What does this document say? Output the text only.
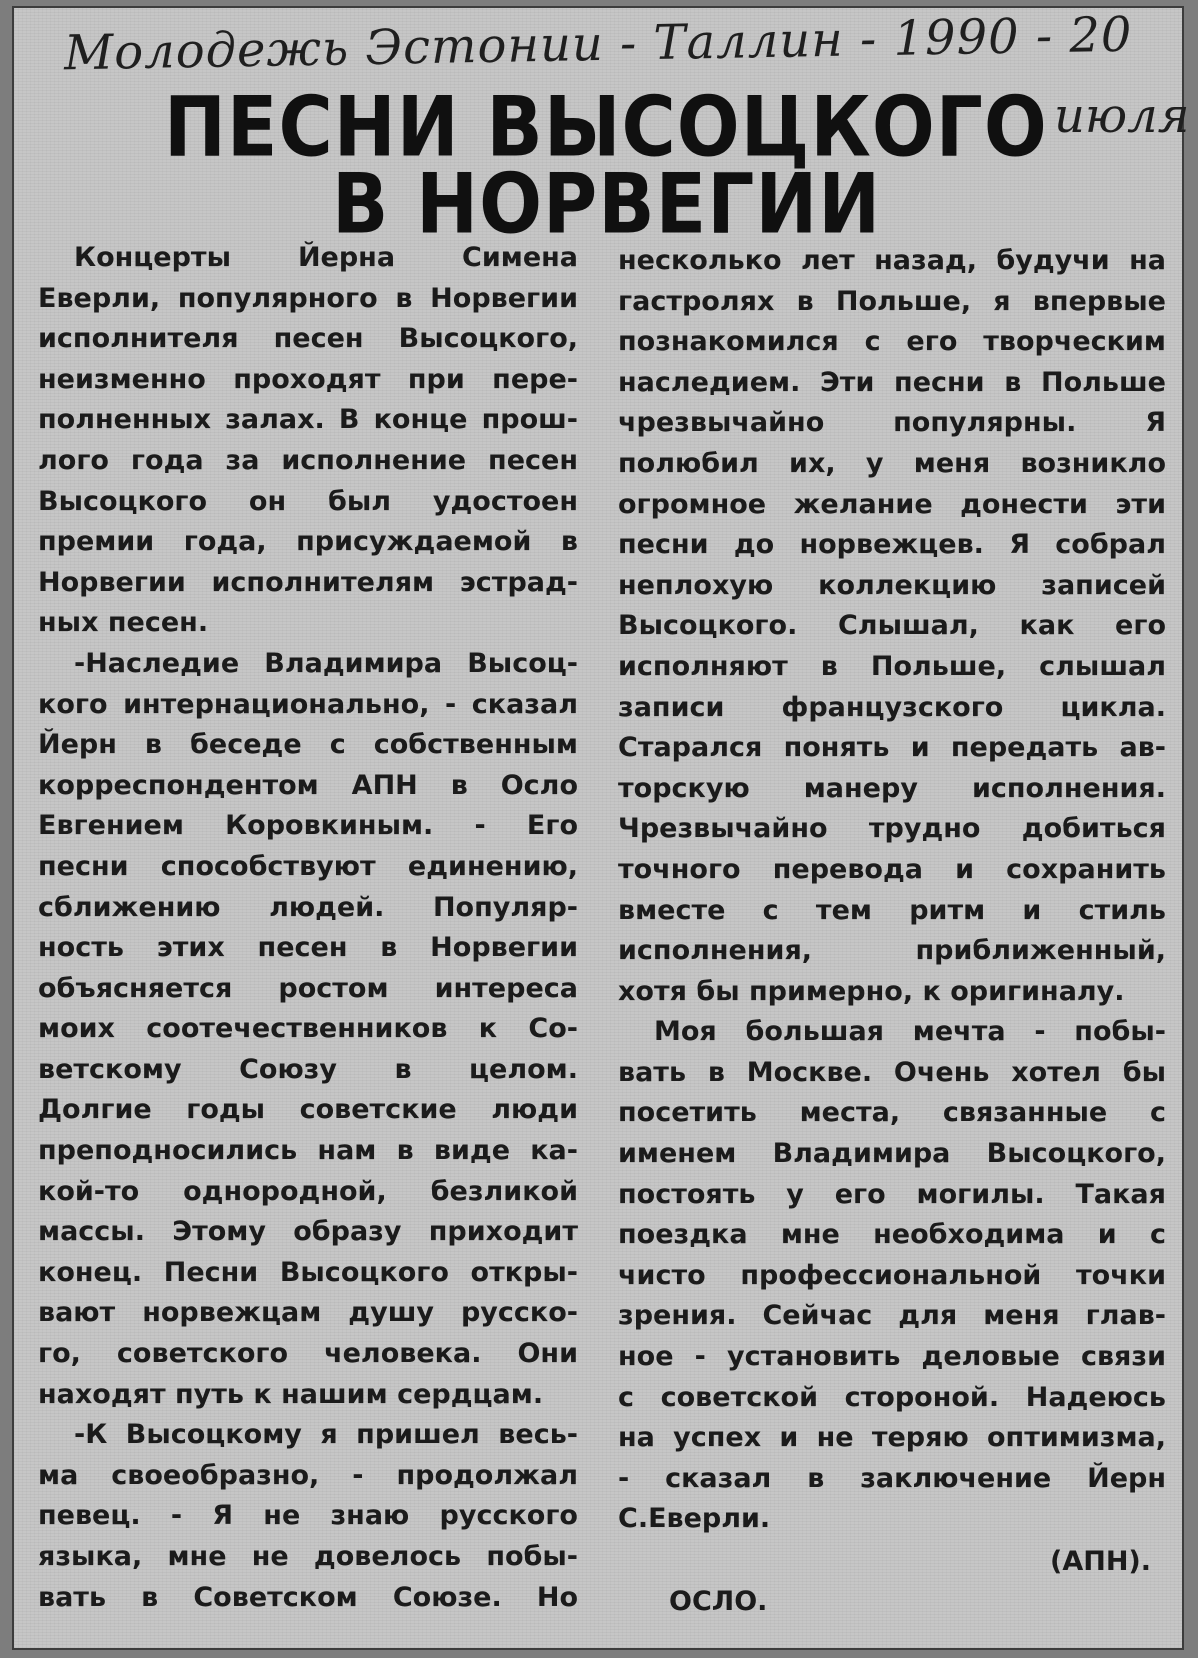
Молодежь Эстонии - Таллин - 1990 - 20
июля
ПЕСНИ ВЫСОЦКОГО
В НОРВЕГИИ
Концерты Йерна Симена
Еверли, популярного в Норвегии
исполнителя песен Высоцкого,
неизменно проходят при пере-
полненных залах. В конце прош-
лого года за исполнение песен
Высоцкого он был удостоен
премии года, присуждаемой в
Норвегии исполнителям эстрад-
ных песен.
-Наследие Владимира Высоц-
кого интернационально, - сказал
Йерн в беседе с собственным
корреспондентом АПН в Осло
Евгением Коровкиным. - Его
песни способствуют единению,
сближению людей. Популяр-
ность этих песен в Норвегии
объясняется ростом интереса
моих соотечественников к Со-
ветскому Союзу в целом.
Долгие годы советские люди
преподносились нам в виде ка-
кой-то однородной, безликой
массы. Этому образу приходит
конец. Песни Высоцкого откры-
вают норвежцам душу русско-
го, советского человека. Они
находят путь к нашим сердцам.
-К Высоцкому я пришел весь-
ма своеобразно, - продолжал
певец. - Я не знаю русского
языка, мне не довелось побы-
вать в Советском Союзе. Но
несколько лет назад, будучи на
гастролях в Польше, я впервые
познакомился с его творческим
наследием. Эти песни в Польше
чрезвычайно популярны. Я
полюбил их, у меня возникло
огромное желание донести эти
песни до норвежцев. Я собрал
неплохую коллекцию записей
Высоцкого. Слышал, как его
исполняют в Польше, слышал
записи французского цикла.
Старался понять и передать ав-
торскую манеру исполнения.
Чрезвычайно трудно добиться
точного перевода и сохранить
вместе с тем ритм и стиль
исполнения, приближенный,
хотя бы примерно, к оригиналу.
Моя большая мечта - побы-
вать в Москве. Очень хотел бы
посетить места, связанные с
именем Владимира Высоцкого,
постоять у его могилы. Такая
поездка мне необходима и с
чисто профессиональной точки
зрения. Сейчас для меня глав-
ное - установить деловые связи
с советской стороной. Надеюсь
на успех и не теряю оптимизма,
- сказал в заключение Йерн
С.Еверли.
(АПН).
ОСЛО.
